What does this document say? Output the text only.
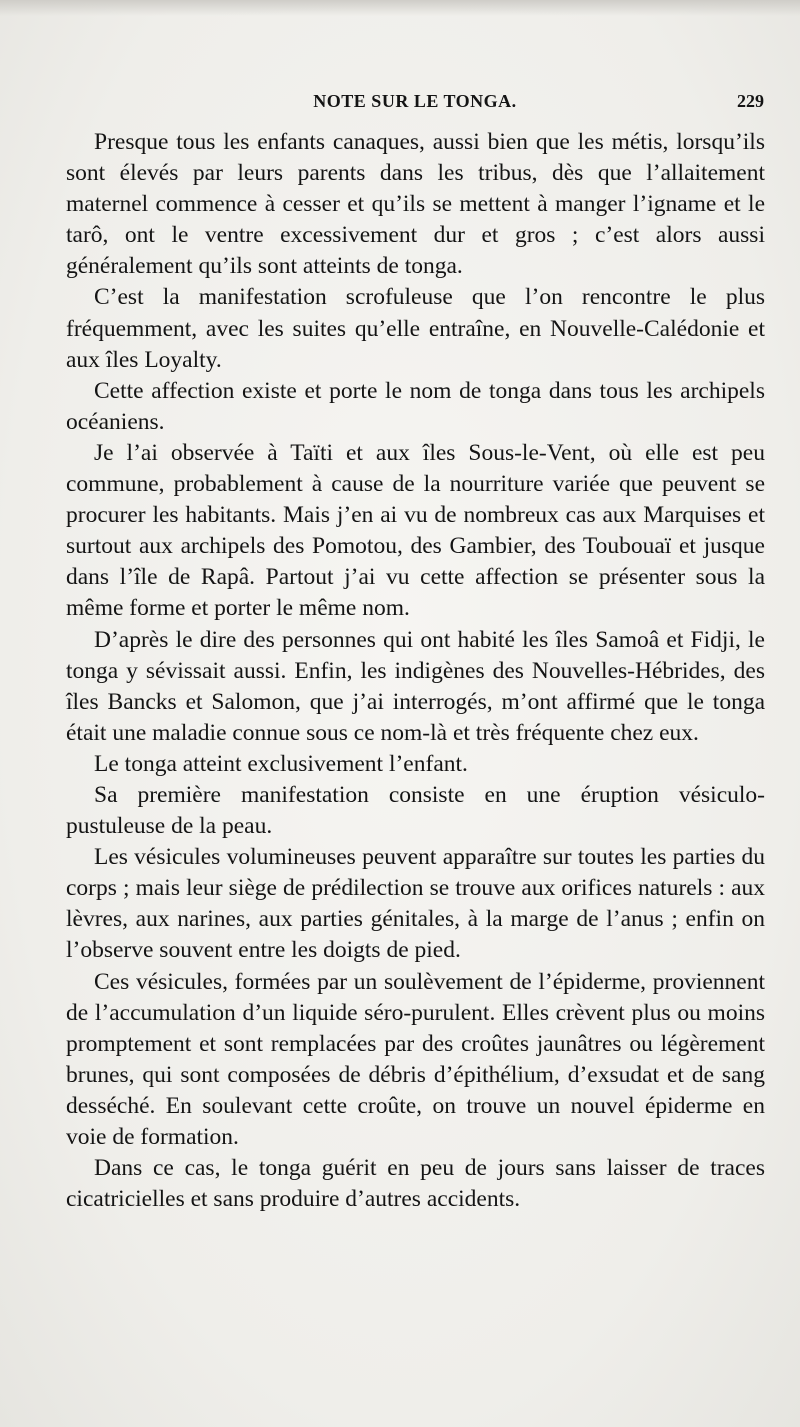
NOTE SUR LE TONGA.	229

Presque tous les enfants canaques, aussi bien que les métis, lorsqu’ils sont élevés par leurs parents dans les tribus, dès que l’allaitement maternel commence à cesser et qu’ils se mettent à manger l’igname et le tarô, ont le ventre excessivement dur et gros ; c’est alors aussi généralement qu’ils sont atteints de tonga.

C’est la manifestation scrofuleuse que l’on rencontre le plus fréquemment, avec les suites qu’elle entraîne, en Nouvelle-Calédonie et aux îles Loyalty.

Cette affection existe et porte le nom de tonga dans tous les archipels océaniens.

Je l’ai observée à Taïti et aux îles Sous-le-Vent, où elle est peu commune, probablement à cause de la nourriture variée que peuvent se procurer les habitants. Mais j’en ai vu de nombreux cas aux Marquises et surtout aux archipels des Pomotou, des Gambier, des Toubouaï et jusque dans l’île de Rapâ. Partout j’ai vu cette affection se présenter sous la même forme et porter le même nom.

D’après le dire des personnes qui ont habité les îles Samoâ et Fidji, le tonga y sévissait aussi. Enfin, les indigènes des Nouvelles-Hébrides, des îles Bancks et Salomon, que j’ai interrogés, m’ont affirmé que le tonga était une maladie connue sous ce nom-là et très fréquente chez eux.

Le tonga atteint exclusivement l’enfant.

Sa première manifestation consiste en une éruption vésiculo-pustuleuse de la peau.

Les vésicules volumineuses peuvent apparaître sur toutes les parties du corps ; mais leur siège de prédilection se trouve aux orifices naturels : aux lèvres, aux narines, aux parties génitales, à la marge de l’anus ; enfin on l’observe souvent entre les doigts de pied.

Ces vésicules, formées par un soulèvement de l’épiderme, proviennent de l’accumulation d’un liquide séro-purulent. Elles crèvent plus ou moins promptement et sont remplacées par des croûtes jaunâtres ou légèrement brunes, qui sont composées de débris d’épithélium, d’exsudat et de sang desséché. En soulevant cette croûte, on trouve un nouvel épiderme en voie de formation.

Dans ce cas, le tonga guérit en peu de jours sans laisser de traces cicatricielles et sans produire d’autres accidents.
